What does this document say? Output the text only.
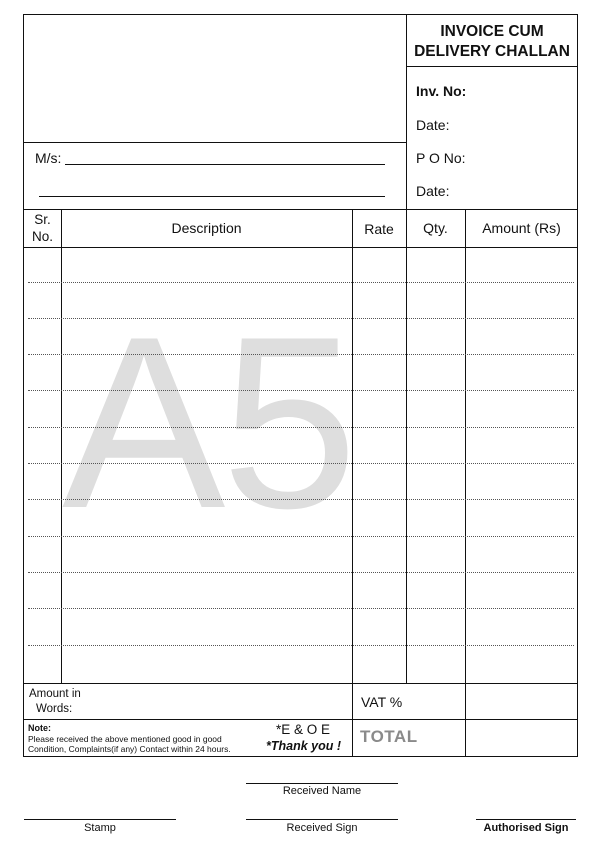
A5
INVOICE CUM
DELIVERY CHALLAN
Inv. No:
Date:
P O No:
Date:
M/s:
Sr.
No.
Description	Rate	Qty.	Amount (Rs)
Amount in
Words:	VAT %
Note:
Please received the above mentioned good in good
Condition, Complaints(if any) Contact within 24 hours.
*E & O E
*Thank you ! TOTAL
Received Name
Stamp	Received Sign	Authorised Sign
